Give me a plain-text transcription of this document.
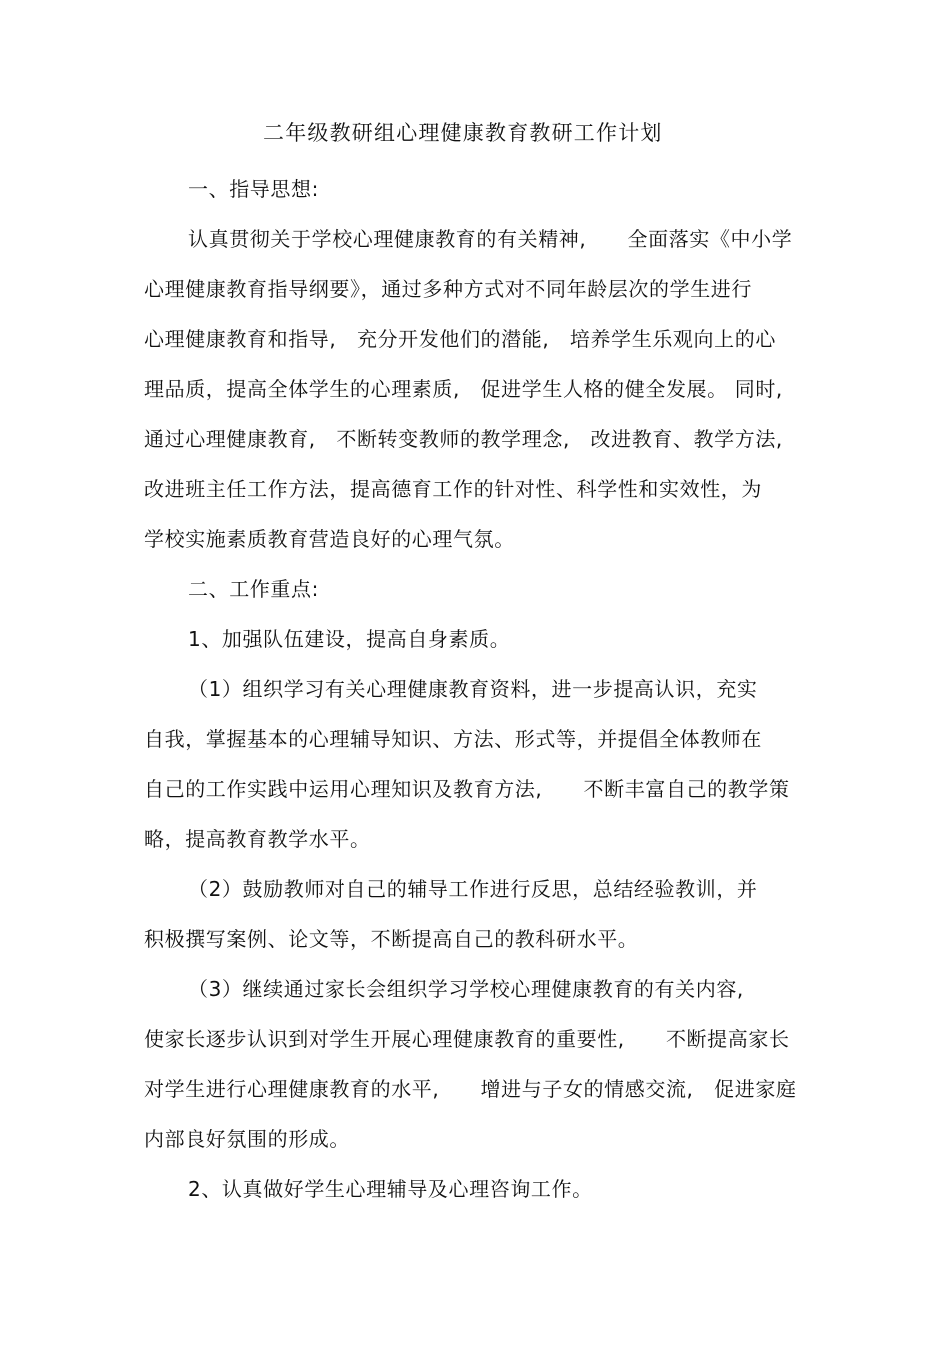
二年级教研组心理健康教育教研工作计划
一、指导思想:
认真贯彻关于学校心理健康教育的有关精神,　　全面落实《中小学
心理健康教育指导纲要》，通过多种方式对不同年龄层次的学生进行
心理健康教育和指导,　充分开发他们的潜能,　培养学生乐观向上的心
理品质，提高全体学生的心理素质,　促进学生人格的健全发展。 同时,
通过心理健康教育,　不断转变教师的教学理念,　改进教育、教学方法,
改进班主任工作方法，提高德育工作的针对性、科学性和实效性，为
学校实施素质教育营造良好的心理气氛。
二、工作重点:
1、加强队伍建设，提高自身素质。
（1）组织学习有关心理健康教育资料，进一步提高认识，充实
自我，掌握基本的心理辅导知识、方法、形式等，并提倡全体教师在
自己的工作实践中运用心理知识及教育方法,　　不断丰富自己的教学策
略，提高教育教学水平。
（2）鼓励教师对自己的辅导工作进行反思，总结经验教训，并
积极撰写案例、论文等，不断提高自己的教科研水平。
（3）继续通过家长会组织学习学校心理健康教育的有关内容,
使家长逐步认识到对学生开展心理健康教育的重要性,　　不断提高家长
对学生进行心理健康教育的水平,　　增进与子女的情感交流,　促进家庭
内部良好氛围的形成。
2、认真做好学生心理辅导及心理咨询工作。
